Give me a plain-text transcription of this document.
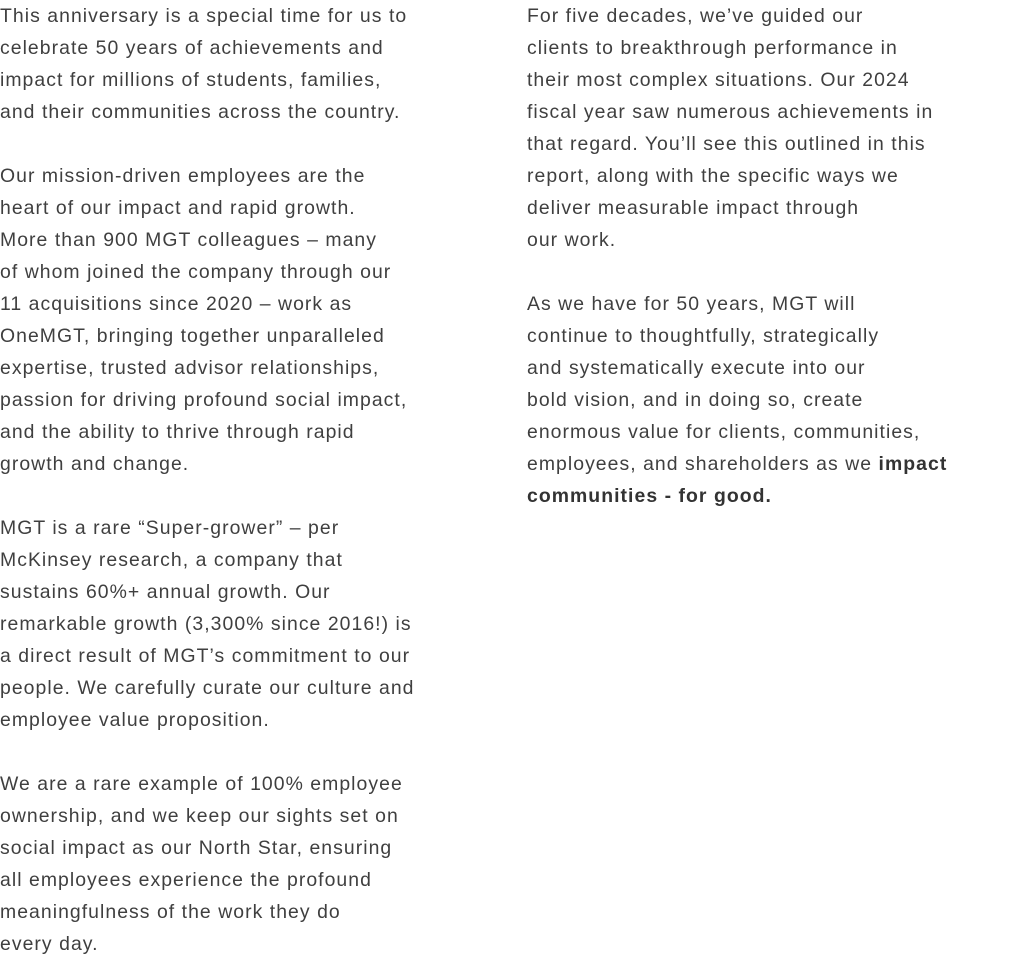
This anniversary is a special time for us to
celebrate 50 years of achievements and
impact for millions of students, families,
and their communities across the country.
Our mission-driven employees are the
heart of our impact and rapid growth.
More than 900 MGT colleagues – many
of whom joined the company through our
11 acquisitions since 2020 – work as
OneMGT, bringing together unparalleled
expertise, trusted advisor relationships,
passion for driving profound social impact,
and the ability to thrive through rapid
growth and change.
MGT is a rare “Super-grower” – per
McKinsey research, a company that
sustains 60%+ annual growth. Our
remarkable growth (3,300% since 2016!) is
a direct result of MGT’s commitment to our
people. We carefully curate our culture and
employee value proposition.
We are a rare example of 100% employee
ownership, and we keep our sights set on
social impact as our North Star, ensuring
all employees experience the profound
meaningfulness of the work they do
every day.
For five decades, we’ve guided our
clients to breakthrough performance in
their most complex situations. Our 2024
fiscal year saw numerous achievements in
that regard. You’ll see this outlined in this
report, along with the specific ways we
deliver measurable impact through
our work.
As we have for 50 years, MGT will
continue to thoughtfully, strategically
and systematically execute into our
bold vision, and in doing so, create
enormous value for clients, communities,
employees, and shareholders as we impact
communities - for good.
